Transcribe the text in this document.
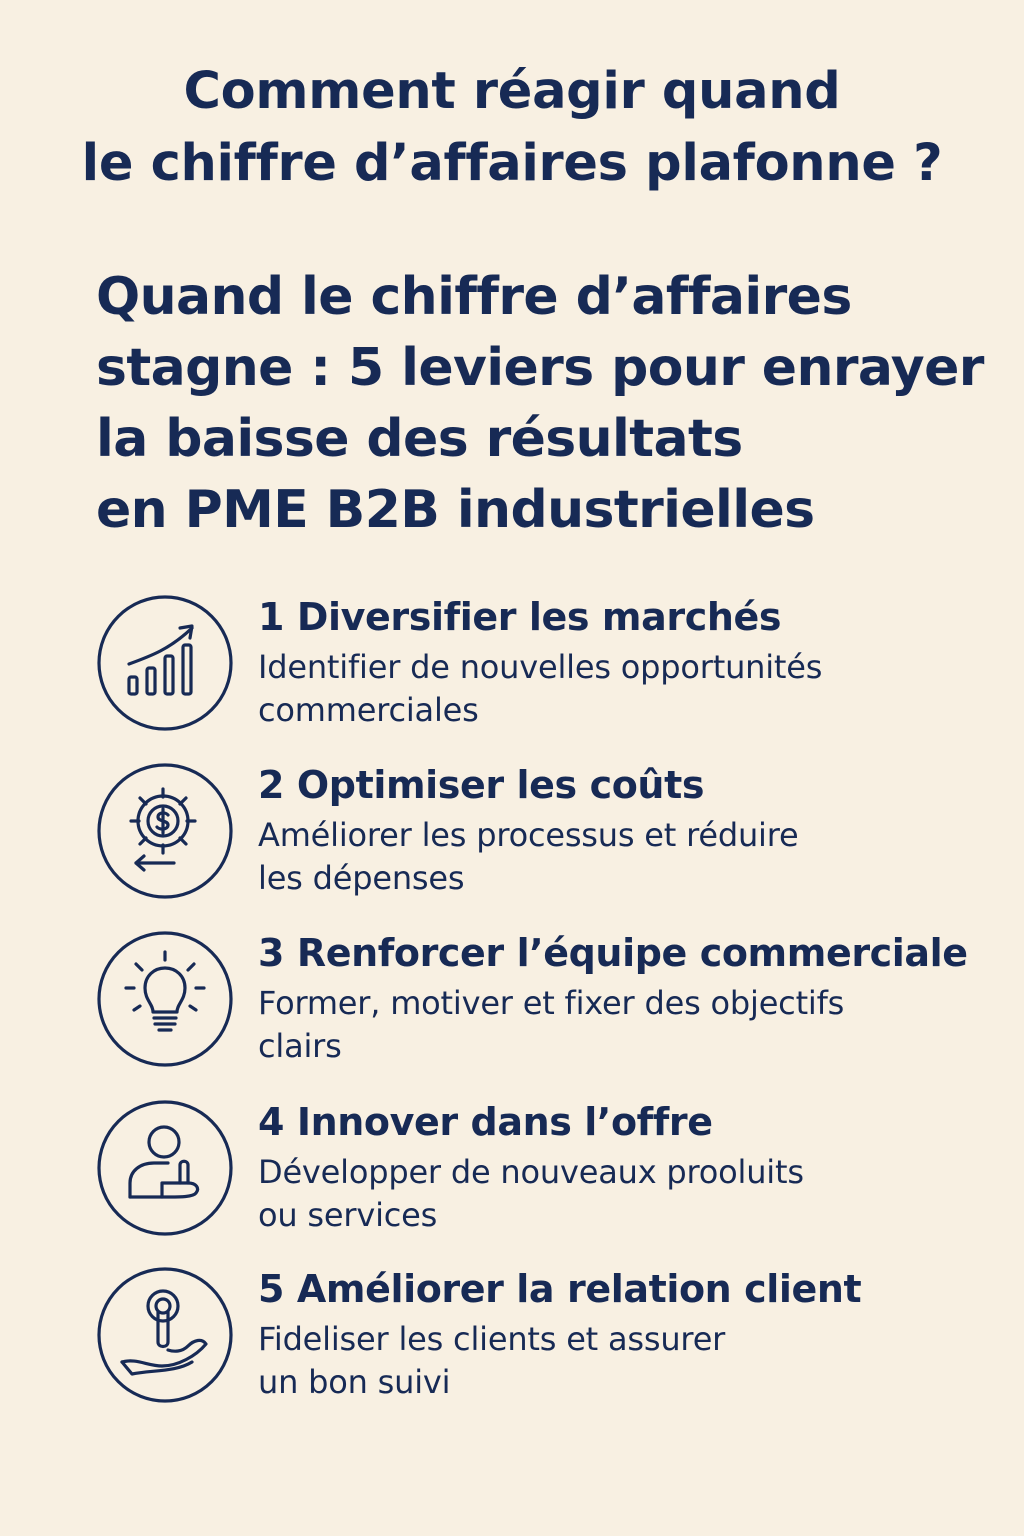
Comment réagir quand
le chiffre d’affaires plafonne ?
Quand le chiffre d’affaires
stagne : 5 leviers pour enrayer
la baisse des résultats
en PME B2B industrielles
1 Diversifier les marchés
Identifier de nouvelles opportunités
commerciales
2 Optimiser les coûts
Améliorer les processus et réduire
les dépenses
3 Renforcer l’équipe commerciale
Former, motiver et fixer des objectifs
clairs
4 Innover dans l’offre
Développer de nouveaux prooluits
ou services
5 Améliorer la relation client
Fideliser les clients et assurer
un bon suivi
